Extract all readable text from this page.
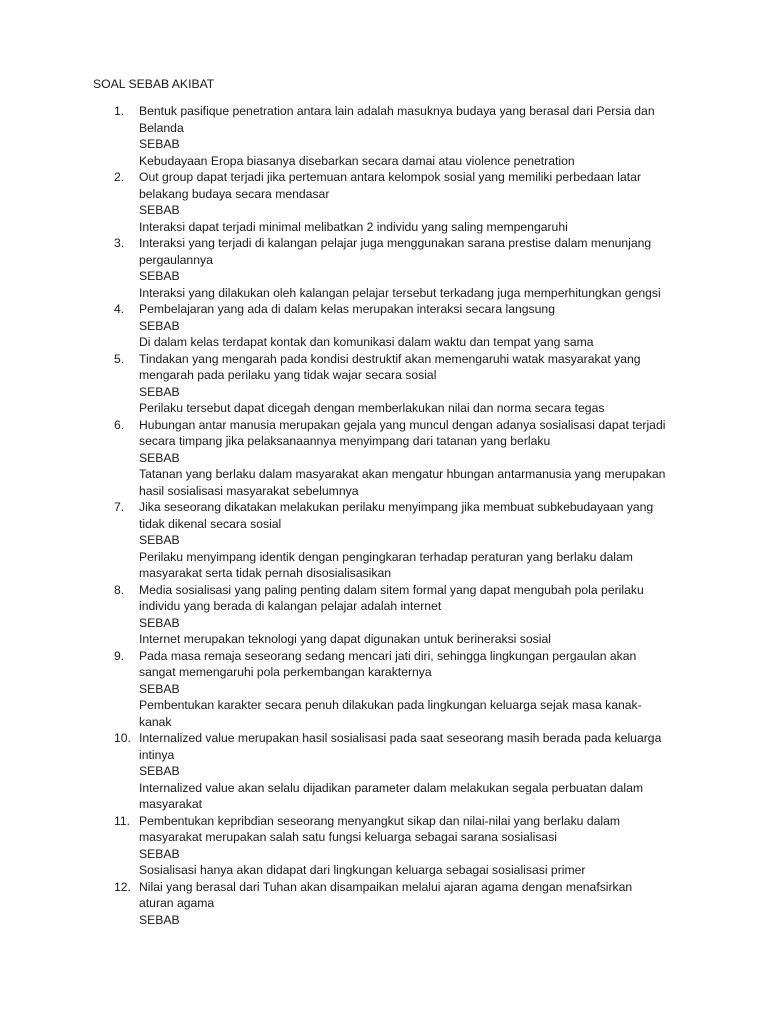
SOAL SEBAB AKIBAT
1.	Bentuk pasifique penetration antara lain adalah masuknya budaya yang berasal dari Persia dan Belanda
SEBAB
Kebudayaan Eropa biasanya disebarkan secara damai atau violence penetration
2.	Out group dapat terjadi jika pertemuan antara kelompok sosial yang memiliki perbedaan latar belakang budaya secara mendasar
SEBAB
Interaksi dapat terjadi minimal melibatkan 2 individu yang saling mempengaruhi
3.	Interaksi yang terjadi di kalangan pelajar juga menggunakan sarana prestise dalam menunjang pergaulannya
SEBAB
Interaksi yang dilakukan oleh kalangan pelajar tersebut terkadang juga memperhitungkan gengsi
4.	Pembelajaran yang ada di dalam kelas merupakan interaksi secara langsung
SEBAB
Di dalam kelas terdapat kontak dan komunikasi dalam waktu dan tempat yang sama
5.	Tindakan yang mengarah pada kondisi destruktif akan memengaruhi watak masyarakat yang mengarah pada perilaku yang tidak wajar secara sosial
SEBAB
Perilaku tersebut dapat dicegah dengan memberlakukan nilai dan norma secara tegas
6.	Hubungan antar manusia merupakan gejala yang muncul dengan adanya sosialisasi dapat terjadi secara timpang jika pelaksanaannya menyimpang dari tatanan yang berlaku
SEBAB
Tatanan yang berlaku dalam masyarakat akan mengatur hbungan antarmanusia yang merupakan hasil sosialisasi masyarakat sebelumnya
7.	Jika seseorang dikatakan melakukan perilaku menyimpang jika membuat subkebudayaan yang tidak dikenal secara sosial
SEBAB
Perilaku menyimpang identik dengan pengingkaran terhadap peraturan yang berlaku dalam masyarakat serta tidak pernah disosialisasikan
8.	Media sosialisasi yang paling penting dalam sitem formal yang dapat mengubah pola perilaku individu yang berada di kalangan pelajar adalah internet
SEBAB
Internet merupakan teknologi yang dapat digunakan untuk berineraksi sosial
9.	Pada masa remaja seseorang sedang mencari jati diri, sehingga lingkungan pergaulan akan sangat memengaruhi pola perkembangan karakternya
SEBAB
Pembentukan karakter secara penuh dilakukan pada lingkungan keluarga sejak masa kanak-kanak
10. Internalized value merupakan hasil sosialisasi pada saat seseorang masih berada pada keluarga intinya
SEBAB
Internalized value akan selalu dijadikan parameter dalam melakukan segala perbuatan dalam masyarakat
11. Pembentukan kepribdian seseorang menyangkut sikap dan nilai-nilai yang berlaku dalam masyarakat merupakan salah satu fungsi keluarga sebagai sarana sosialisasi
SEBAB
Sosialisasi hanya akan didapat dari lingkungan keluarga sebagai sosialisasi primer
12. Nilai yang berasal dari Tuhan akan disampaikan melalui ajaran agama dengan menafsirkan aturan agama
SEBAB
